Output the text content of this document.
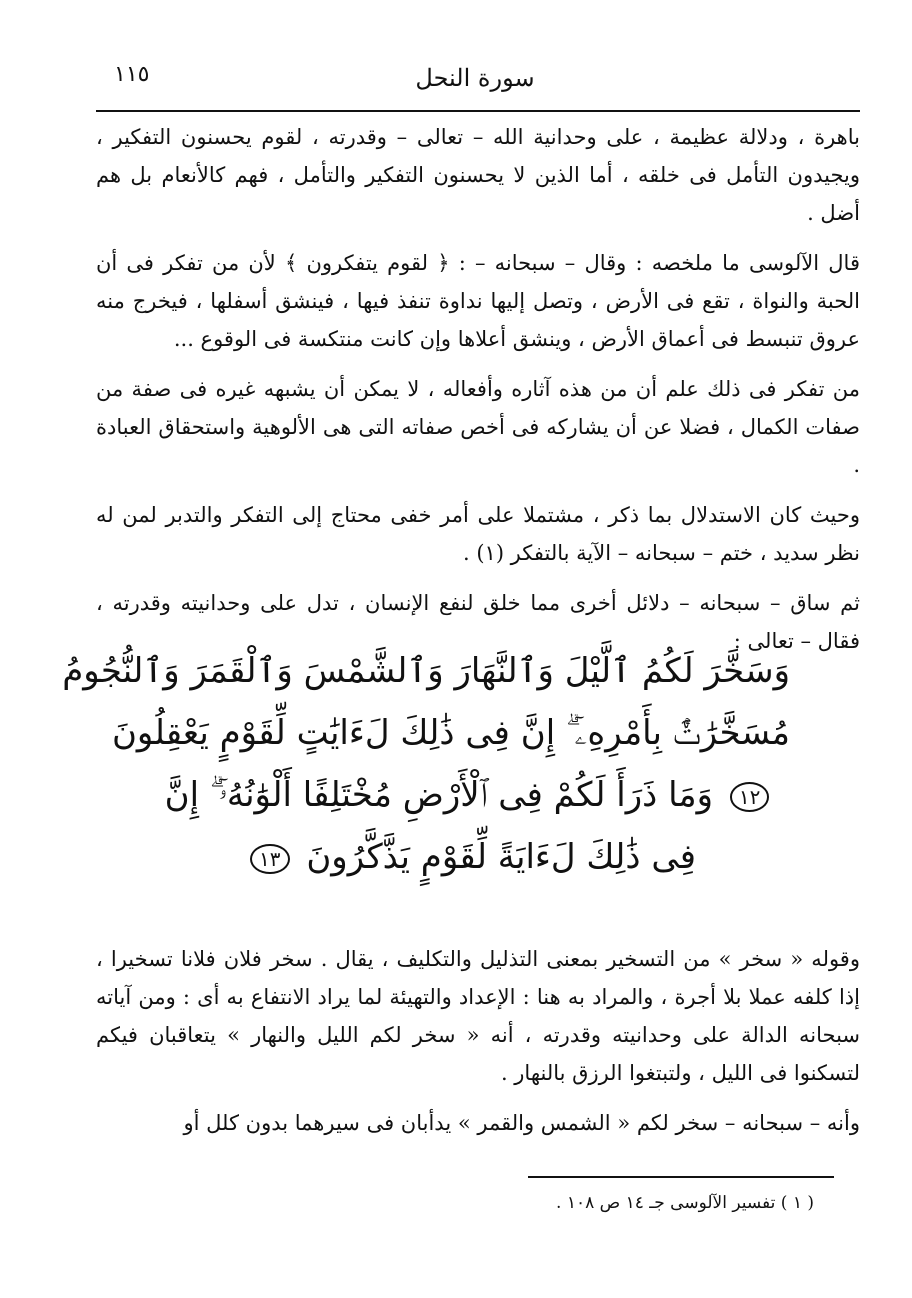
١١٥	سورة النحل

باهرة ، ودلالة عظيمة ، على وحدانية الله – تعالى – وقدرته ، لقوم يحسنون التفكير ، ويجيدون التأمل فى خلقه ، أما الذين لا يحسنون التفكير والتأمل ، فهم كالأنعام بل هم أضل .

قال الآلوسى ما ملخصه : وقال – سبحانه – : ﴿ لقوم يتفكرون ﴾ لأن من تفكر فى أن الحبة والنواة ، تقع فى الأرض ، وتصل إليها نداوة تنفذ فيها ، فينشق أسفلها ، فيخرج منه عروق تنبسط فى أعماق الأرض ، وينشق أعلاها وإن كانت منتكسة فى الوقوع ...

من تفكر فى ذلك علم أن من هذه آثاره وأفعاله ، لا يمكن أن يشبهه غيره فى صفة من صفات الكمال ، فضلا عن أن يشاركه فى أخص صفاته التى هى الألوهية واستحقاق العبادة .

وحيث كان الاستدلال بما ذكر ، مشتملا على أمر خفى محتاج إلى التفكر والتدبر لمن له نظر سديد ، ختم – سبحانه – الآية بالتفكر (١) .

ثم ساق – سبحانه – دلائل أخرى مما خلق لنفع الإنسان ، تدل على وحدانيته وقدرته ، فقال – تعالى :

وَسَخَّرَ لَكُمُ ٱلَّيْلَ وَٱلنَّهَارَ وَٱلشَّمْسَ وَٱلْقَمَرَ وَٱلنُّجُومُ
مُسَخَّرَٰتٌۢ بِأَمْرِهِۦٓ ۗ إِنَّ فِى ذَٰلِكَ لَءَايَٰتٍ لِّقَوْمٍ يَعْقِلُونَ
١٢ وَمَا ذَرَأَ لَكُمْ فِى ٱلْأَرْضِ مُخْتَلِفًا أَلْوَٰنُهُۥٓ ۗ إِنَّ
فِى ذَٰلِكَ لَءَايَةً لِّقَوْمٍ يَذَّكَّرُونَ ١٣

وقوله « سخر » من التسخير بمعنى التذليل والتكليف ، يقال . سخر فلان فلانا تسخيرا ، إذا كلفه عملا بلا أجرة ، والمراد به هنا : الإعداد والتهيئة لما يراد الانتفاع به أى : ومن آياته سبحانه الدالة على وحدانيته وقدرته ، أنه « سخر لكم الليل والنهار » يتعاقبان فيكم لتسكنوا فى الليل ، ولتبتغوا الرزق بالنهار .

وأنه – سبحانه – سخر لكم « الشمس والقمر » يدأبان فى سيرهما بدون كلل أو

( ١ ) تفسير الآلوسى جـ ١٤ ص ١٠٨ .
